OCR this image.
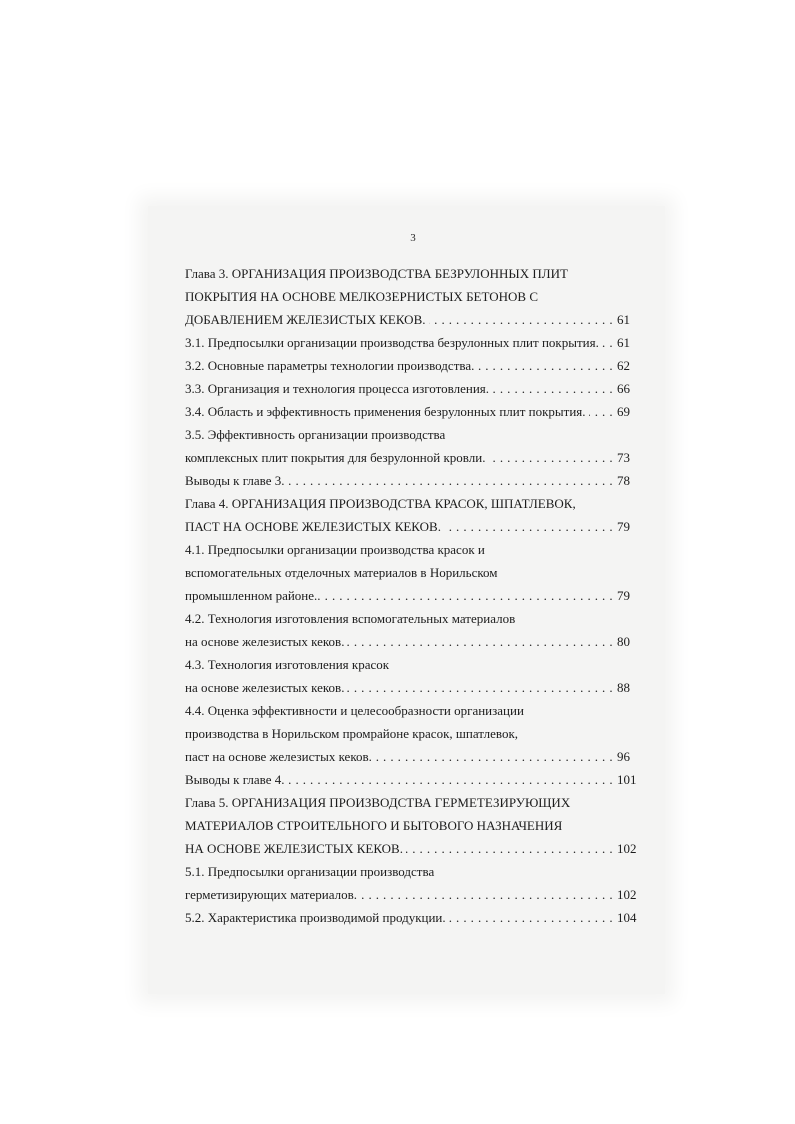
3
Глава 3. ОРГАНИЗАЦИЯ ПРОИЗВОДСТВА БЕЗРУЛОННЫХ ПЛИТ
ПОКРЫТИЯ НА ОСНОВЕ МЕЛКОЗЕРНИСТЫХ БЕТОНОВ С
ДОБАВЛЕНИЕМ ЖЕЛЕЗИСТЫХ КЕКОВ. . . .	61
3.1. Предпосылки организации производства безрулонных плит покрытия. . . . 61
3.2. Основные параметры технологии производства. . . .	62
3.3. Организация и технология процесса изготовления. . . .	66
3.4. Область и эффективность применения безрулонных плит покрытия. . . . 69
3.5. Эффективность организации производства
комплексных плит покрытия для безрулонной кровли. . . .	73
Выводы к главе 3. . . .	78
Глава 4. ОРГАНИЗАЦИЯ ПРОИЗВОДСТВА КРАСОК, ШПАТЛЕВОК,
ПАСТ НА ОСНОВЕ ЖЕЛЕЗИСТЫХ КЕКОВ. . . .	79
4.1. Предпосылки организации производства красок и
вспомогательных отделочных материалов в Норильском
промышленном районе.. . . .	79
4.2. Технология изготовления вспомогательных материалов
на основе железистых кеков. . . .	80
4.3. Технология изготовления красок
на основе железистых кеков. . . .	88
4.4. Оценка эффективности и целесообразности организации
производства в Норильском промрайоне красок, шпатлевок,
паст на основе железистых кеков. . . .	96
Выводы к главе 4. . . .	101
Глава 5. ОРГАНИЗАЦИЯ ПРОИЗВОДСТВА ГЕРМЕТЕЗИРУЮЩИХ
МАТЕРИАЛОВ СТРОИТЕЛЬНОГО И БЫТОВОГО НАЗНАЧЕНИЯ
НА ОСНОВЕ ЖЕЛЕЗИСТЫХ КЕКОВ. . . .	102
5.1. Предпосылки организации производства
герметизирующих материалов. . . .	102
5.2. Характеристика производимой продукции. . . .	104
